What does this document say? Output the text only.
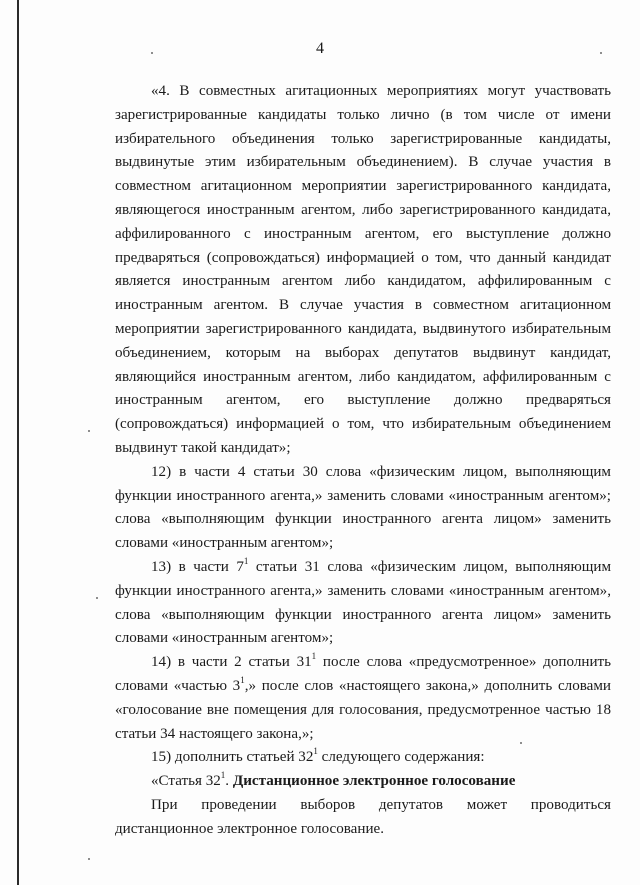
4

«4. В совместных агитационных мероприятиях могут участвовать зарегистрированные кандидаты только лично (в том числе от имени избирательного объединения только зарегистрированные кандидаты, выдвинутые этим избирательным объединением). В случае участия в совместном агитационном мероприятии зарегистрированного кандидата, являющегося иностранным агентом, либо зарегистрированного кандидата, аффилированного с иностранным агентом, его выступление должно предваряться (сопровождаться) информацией о том, что данный кандидат является иностранным агентом либо кандидатом, аффилированным с иностранным агентом. В случае участия в совместном агитационном мероприятии зарегистрированного кандидата, выдвинутого избирательным объединением, которым на выборах депутатов выдвинут кандидат, являющийся иностранным агентом, либо кандидатом, аффилированным с иностранным агентом, его выступление должно предваряться (сопровождаться) информацией о том, что избирательным объединением выдвинут такой кандидат»;

12) в части 4 статьи 30 слова «физическим лицом, выполняющим функции иностранного агента,» заменить словами «иностранным агентом»; слова «выполняющим функции иностранного агента лицом» заменить словами «иностранным агентом»;

13) в части $7^1$ статьи 31 слова «физическим лицом, выполняющим функции иностранного агента,» заменить словами «иностранным агентом», слова «выполняющим функции иностранного агента лицом» заменить словами «иностранным агентом»;

14) в части 2 статьи $31^1$ после слова «предусмотренное» дополнить словами «частью $3^1$,» после слов «настоящего закона,» дополнить словами «голосование вне помещения для голосования, предусмотренное частью 18 статьи 34 настоящего закона,»;

15) дополнить статьей $32^1$ следующего содержания:

«Статья $32^1$. Дистанционное электронное голосование

При проведении выборов депутатов может проводиться дистанционное электронное голосование.
